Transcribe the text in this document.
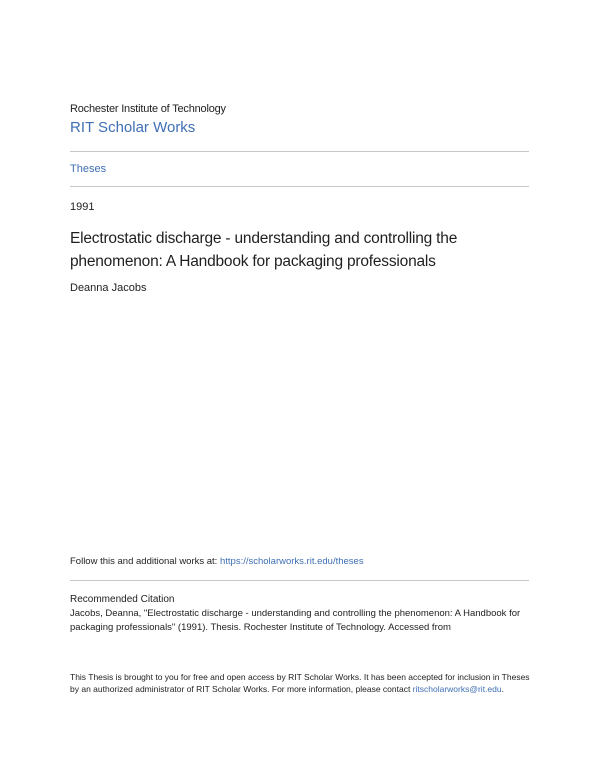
Rochester Institute of Technology
RIT Scholar Works
Theses
1991
Electrostatic discharge - understanding and controlling the phenomenon: A Handbook for packaging professionals
Deanna Jacobs
Follow this and additional works at: https://scholarworks.rit.edu/theses
Recommended Citation
Jacobs, Deanna, "Electrostatic discharge - understanding and controlling the phenomenon: A Handbook for packaging professionals" (1991). Thesis. Rochester Institute of Technology. Accessed from
This Thesis is brought to you for free and open access by RIT Scholar Works. It has been accepted for inclusion in Theses by an authorized administrator of RIT Scholar Works. For more information, please contact ritscholarworks@rit.edu.
